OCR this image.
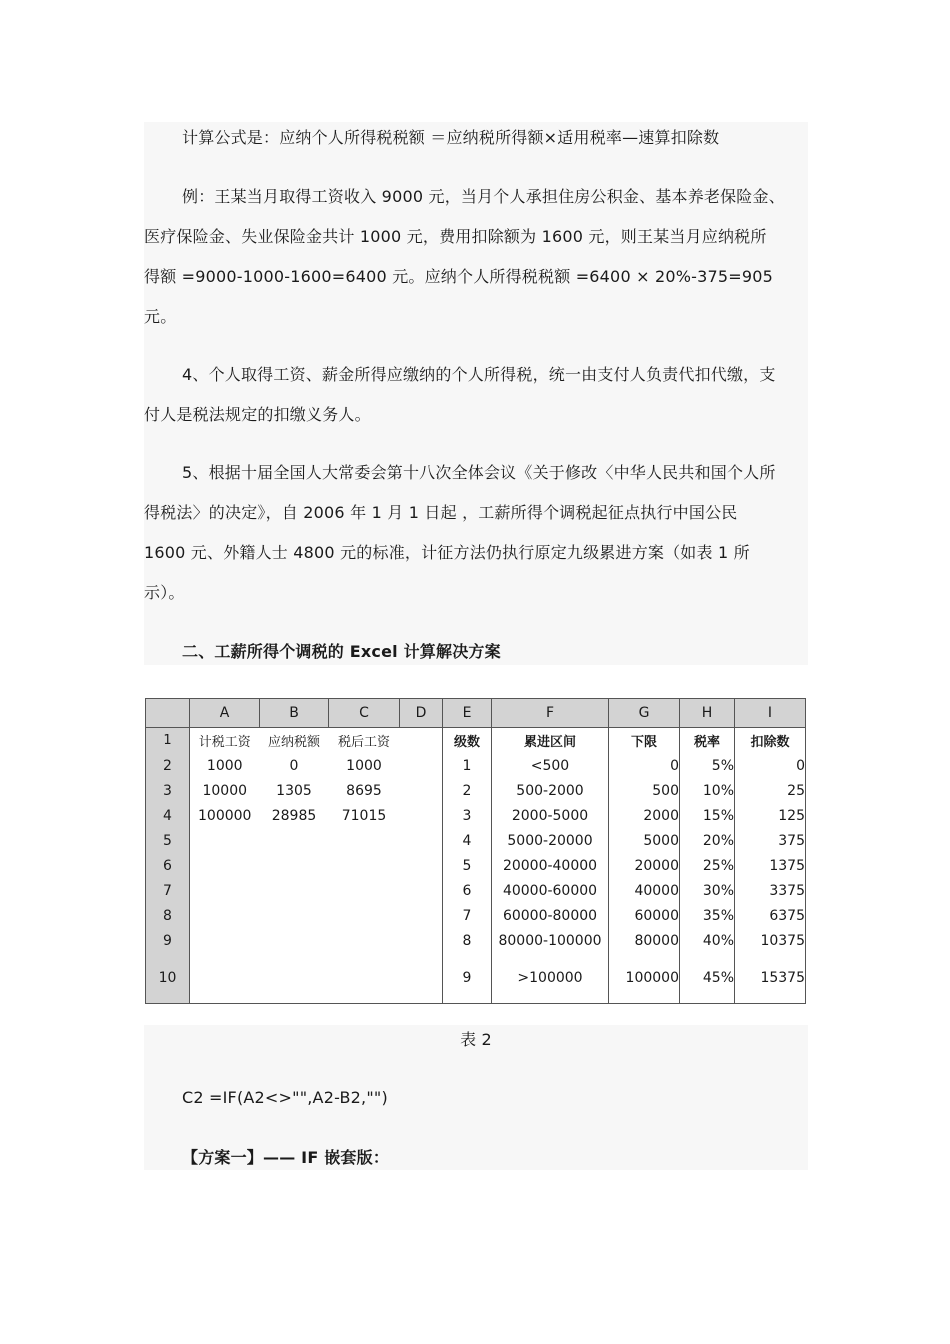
计算公式是：应纳个人所得税税额 ＝应纳税所得额×适用税率—速算扣除数
例：王某当月取得工资收入 9000 元，当月个人承担住房公积金、基本养老保险金、
医疗保险金、失业保险金共计 1000 元，费用扣除额为 1600 元，则王某当月应纳税所
得额 =9000-1000-1600=6400 元。应纳个人所得税税额 =6400 × 20%-375=905
元。
4、个人取得工资、薪金所得应缴纳的个人所得税，统一由支付人负责代扣代缴，支
付人是税法规定的扣缴义务人。
5、根据十届全国人大常委会第十八次全体会议《关于修改〈中华人民共和国个人所
得税法〉的决定》，自 2006 年 1 月 1 日起 ，工薪所得个调税起征点执行中国公民
1600 元、外籍人士 4800 元的标准，计征方法仍执行原定九级累进方案（如表 1 所
示）。
二、工薪所得个调税的 Excel 计算解决方案
	A	B	C	D	E	F	G	H	I
1	计税工资	应纳税额	税后工资		级数	累进区间	下限	税率	扣除数
2	1000	0	1000		1	<500	0	5%	0
3	10000	1305	8695		2	500-2000	500	10%	25
4	100000	28985	71015		3	2000-5000	2000	15%	125
5					4	5000-20000	5000	20%	375
6					5	20000-40000	20000	25%	1375
7					6	40000-60000	40000	30%	3375
8					7	60000-80000	60000	35%	6375
9					8	80000-100000	80000	40%	10375
10					9	>100000	100000	45%	15375
表 2
C2 =IF(A2<>"",A2-B2,"")
【方案一】—— IF 嵌套版：
